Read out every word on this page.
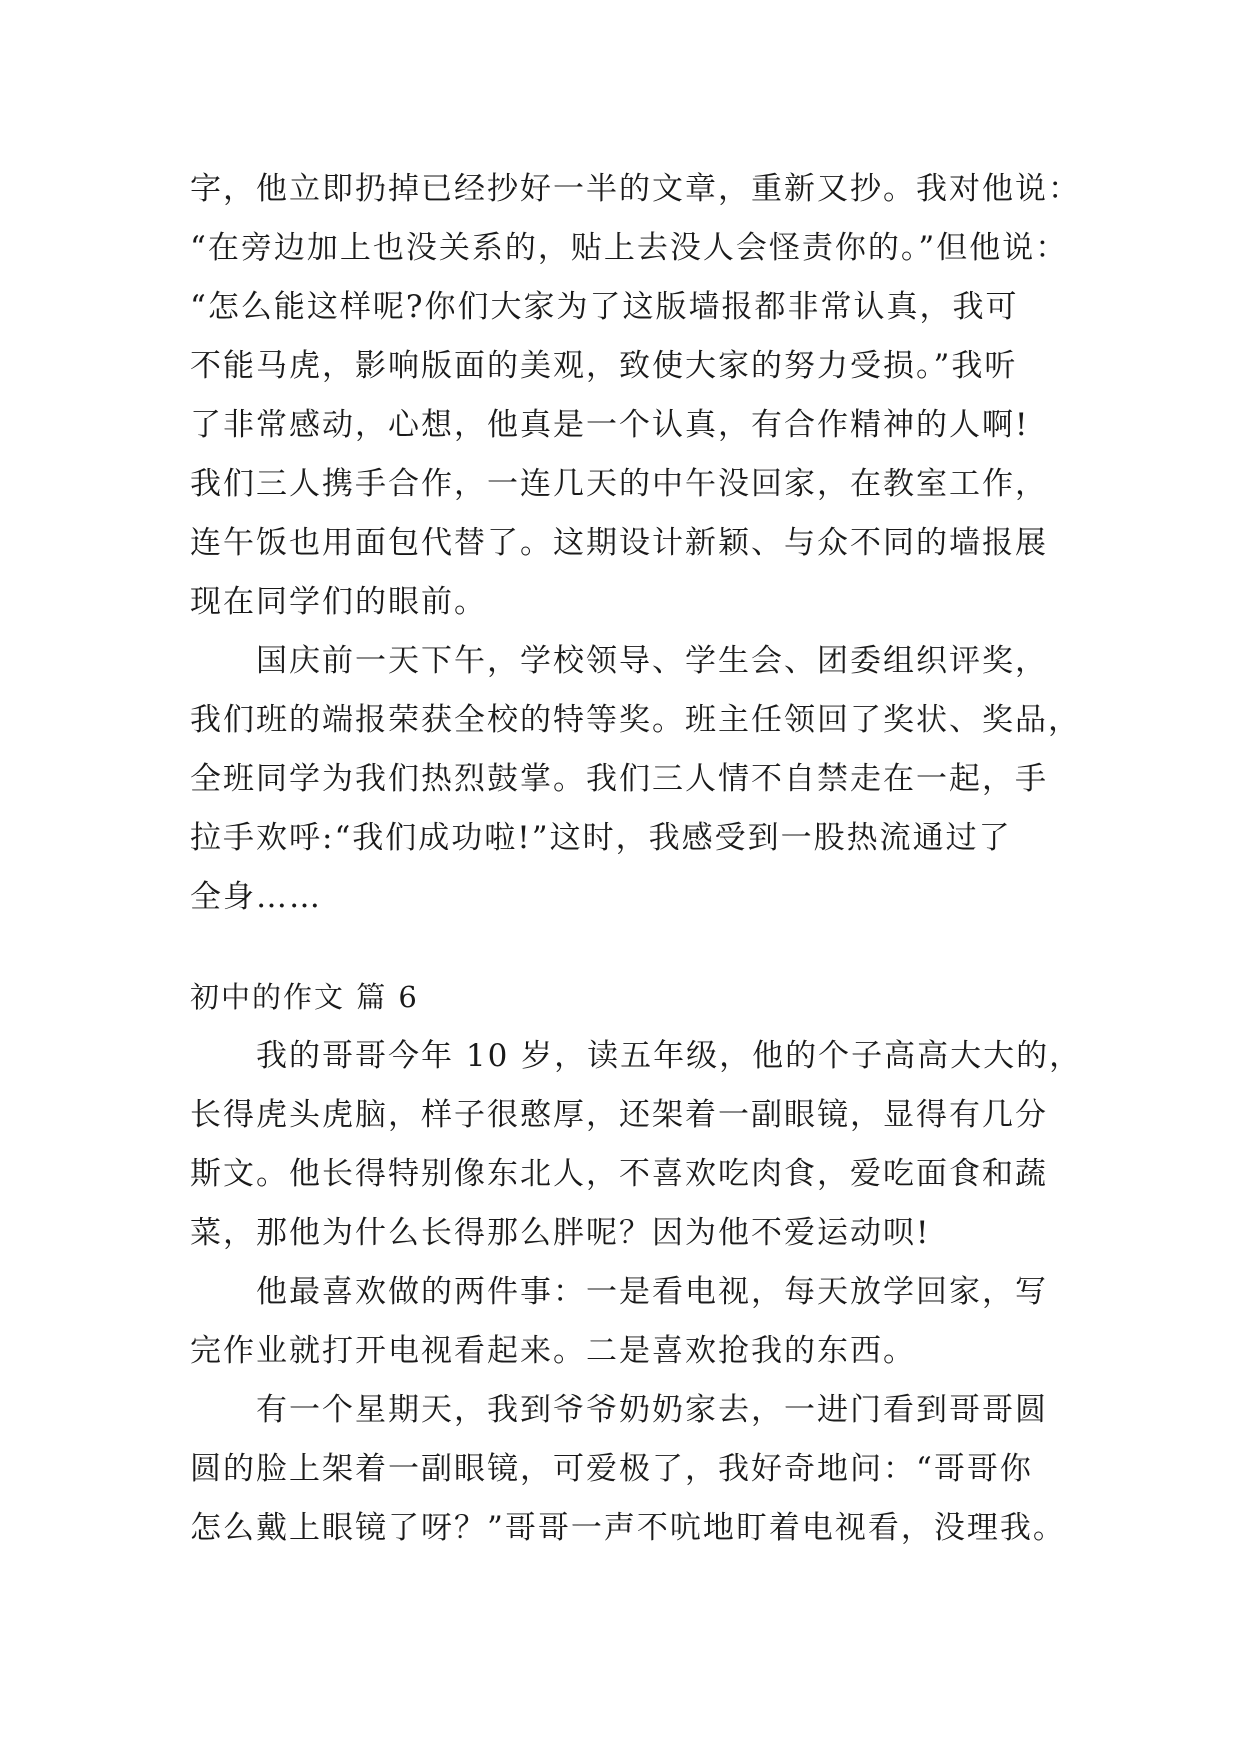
字，他立即扔掉已经抄好一半的文章，重新又抄。我对他说：
“在旁边加上也没关系的，贴上去没人会怪责你的。”但他说：
“怎么能这样呢?你们大家为了这版墙报都非常认真，我可
不能马虎，影响版面的美观，致使大家的努力受损。”我听
了非常感动，心想，他真是一个认真，有合作精神的人啊!
我们三人携手合作，一连几天的中午没回家，在教室工作，
连午饭也用面包代替了。这期设计新颖、与众不同的墙报展
现在同学们的眼前。
国庆前一天下午，学校领导、学生会、团委组织评奖，
我们班的端报荣获全校的特等奖。班主任领回了奖状、奖品，
全班同学为我们热烈鼓掌。我们三人情不自禁走在一起，手
拉手欢呼:“我们成功啦!”这时，我感受到一股热流通过了
全身……
初中的作文 篇 6
我的哥哥今年 10 岁，读五年级，他的个子高高大大的，
长得虎头虎脑，样子很憨厚，还架着一副眼镜，显得有几分
斯文。他长得特别像东北人，不喜欢吃肉食，爱吃面食和蔬
菜，那他为什么长得那么胖呢？因为他不爱运动呗!
他最喜欢做的两件事：一是看电视，每天放学回家，写
完作业就打开电视看起来。二是喜欢抢我的东西。
有一个星期天，我到爷爷奶奶家去，一进门看到哥哥圆
圆的脸上架着一副眼镜，可爱极了，我好奇地问：“哥哥你
怎么戴上眼镜了呀？”哥哥一声不吭地盯着电视看，没理我。
